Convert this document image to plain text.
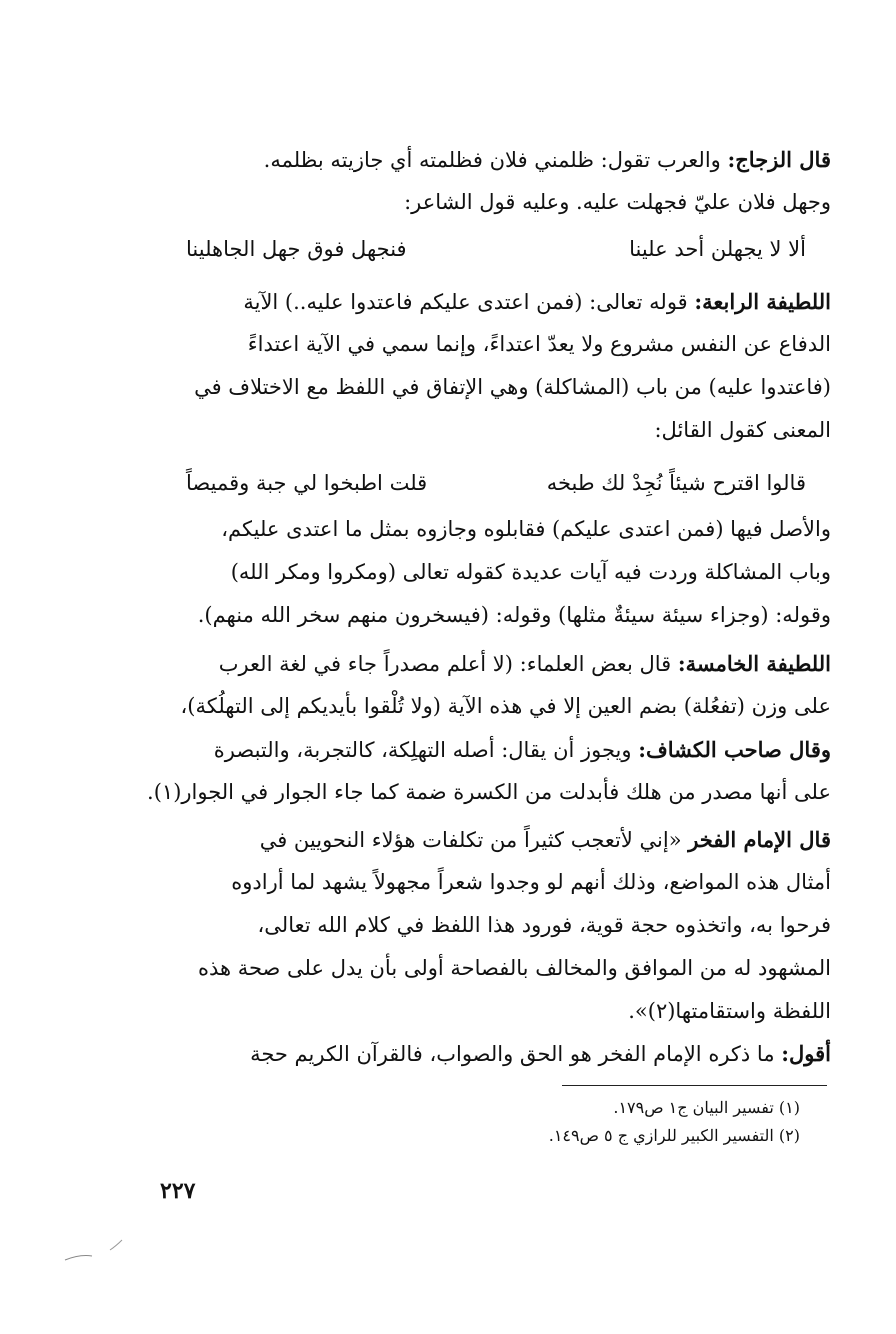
قال الزجاج: والعرب تقول: ظلمني فلان فظلمته أي جازيته بظلمه.
وجهل فلان عليّ فجهلت عليه. وعليه قول الشاعر:
ألا لا يجهلن أحد علينا
فنجهل فوق جهل الجاهلينا
اللطيفة الرابعة: قوله تعالى: (فمن اعتدى عليكم فاعتدوا عليه..) الآية
الدفاع عن النفس مشروع ولا يعدّ اعتداءً، وإنما سمي في الآية اعتداءً
(فاعتدوا عليه) من باب (المشاكلة) وهي الإتفاق في اللفظ مع الاختلاف في
المعنى كقول القائل:
قالوا اقترح شيئاً نُجِدْ لك طبخه
قلت اطبخوا لي جبة وقميصاً
والأصل فيها (فمن اعتدى عليكم) فقابلوه وجازوه بمثل ما اعتدى عليكم،
وباب المشاكلة وردت فيه آيات عديدة كقوله تعالى (ومكروا ومكر الله)
وقوله: (وجزاء سيئة سيئةٌ مثلها) وقوله: (فيسخرون منهم سخر الله منهم).
اللطيفة الخامسة: قال بعض العلماء: (لا أعلم مصدراً جاء في لغة العرب
على وزن (تفعُلة) بضم العين إلا في هذه الآية (ولا تُلْقوا بأيديكم إلى التهلُكة)،
وقال صاحب الكشاف: ويجوز أن يقال: أصله التهلِكة، كالتجربة، والتبصرة
على أنها مصدر من هلك فأبدلت من الكسرة ضمة كما جاء الجوار في الجوار(١).
قال الإمام الفخر «إني لأتعجب كثيراً من تكلفات هؤلاء النحويين في
أمثال هذه المواضع، وذلك أنهم لو وجدوا شعراً مجهولاً يشهد لما أرادوه
فرحوا به، واتخذوه حجة قوية، فورود هذا اللفظ في كلام الله تعالى،
المشهود له من الموافق والمخالف بالفصاحة أولى بأن يدل على صحة هذه
اللفظة واستقامتها(٢)».
أقول: ما ذكره الإمام الفخر هو الحق والصواب، فالقرآن الكريم حجة
(١) تفسير البيان ج١ ص١٧٩.
(٢) التفسير الكبير للرازي ج ٥ ص١٤٩.
٢٢٧
